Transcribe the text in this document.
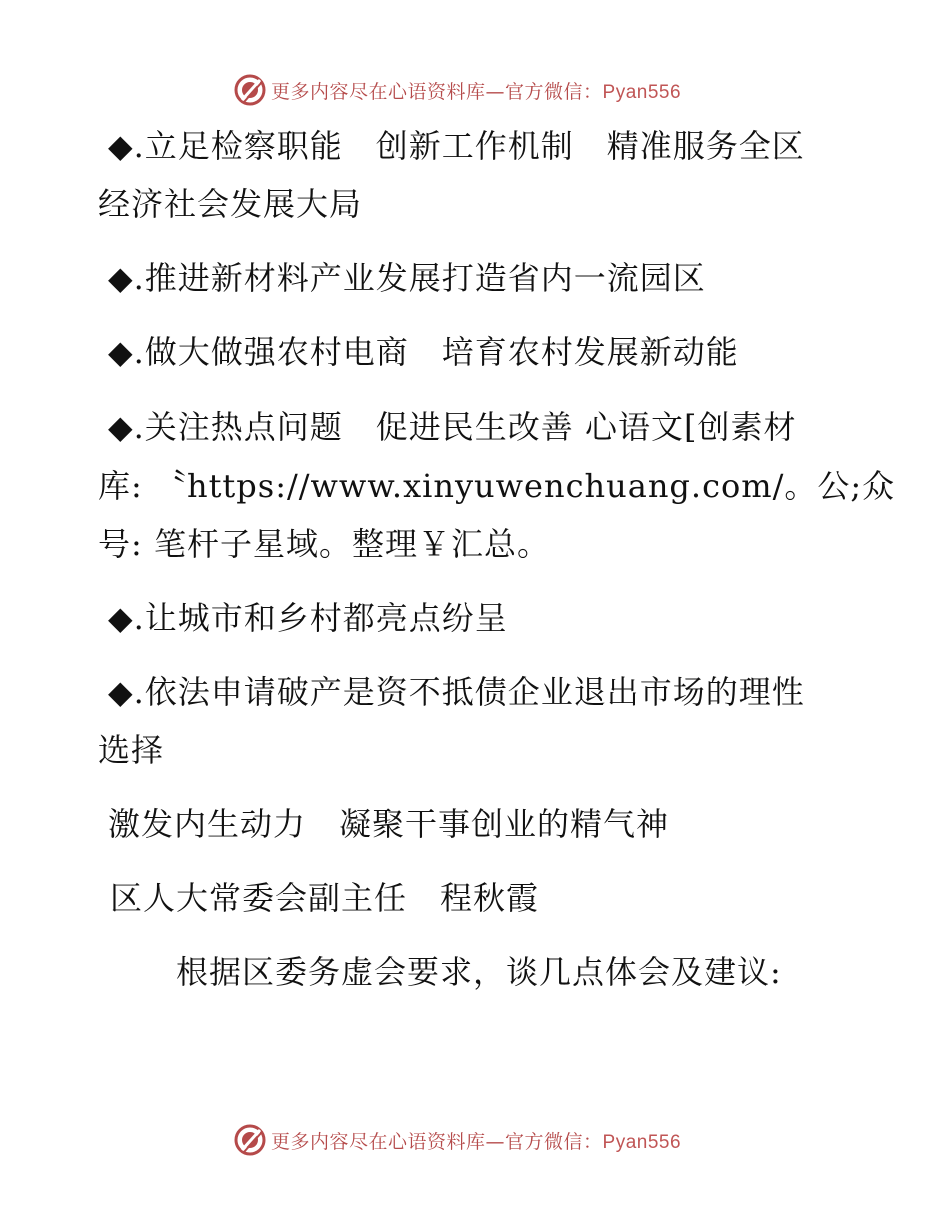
更多内容尽在心语资料库—官方微信：Pyan556
◆.立足检察职能　创新工作机制　精准服务全区
经济社会发展大局
◆.推进新材料产业发展打造省内一流园区
◆.做大做强农村电商　培育农村发展新动能
◆.关注热点问题　促进民生改善 心语文[创素材
库: 〝https://www.xinyuwenchuang.com/。公;众
号: 笔杆子星域。整理￥汇总。
◆.让城市和乡村都亮点纷呈
◆.依法申请破产是资不抵债企业退出市场的理性
选择
激发内生动力　凝聚干事创业的精气神
区人大常委会副主任　程秋霞
根据区委务虚会要求，谈几点体会及建议:
更多内容尽在心语资料库—官方微信：Pyan556
